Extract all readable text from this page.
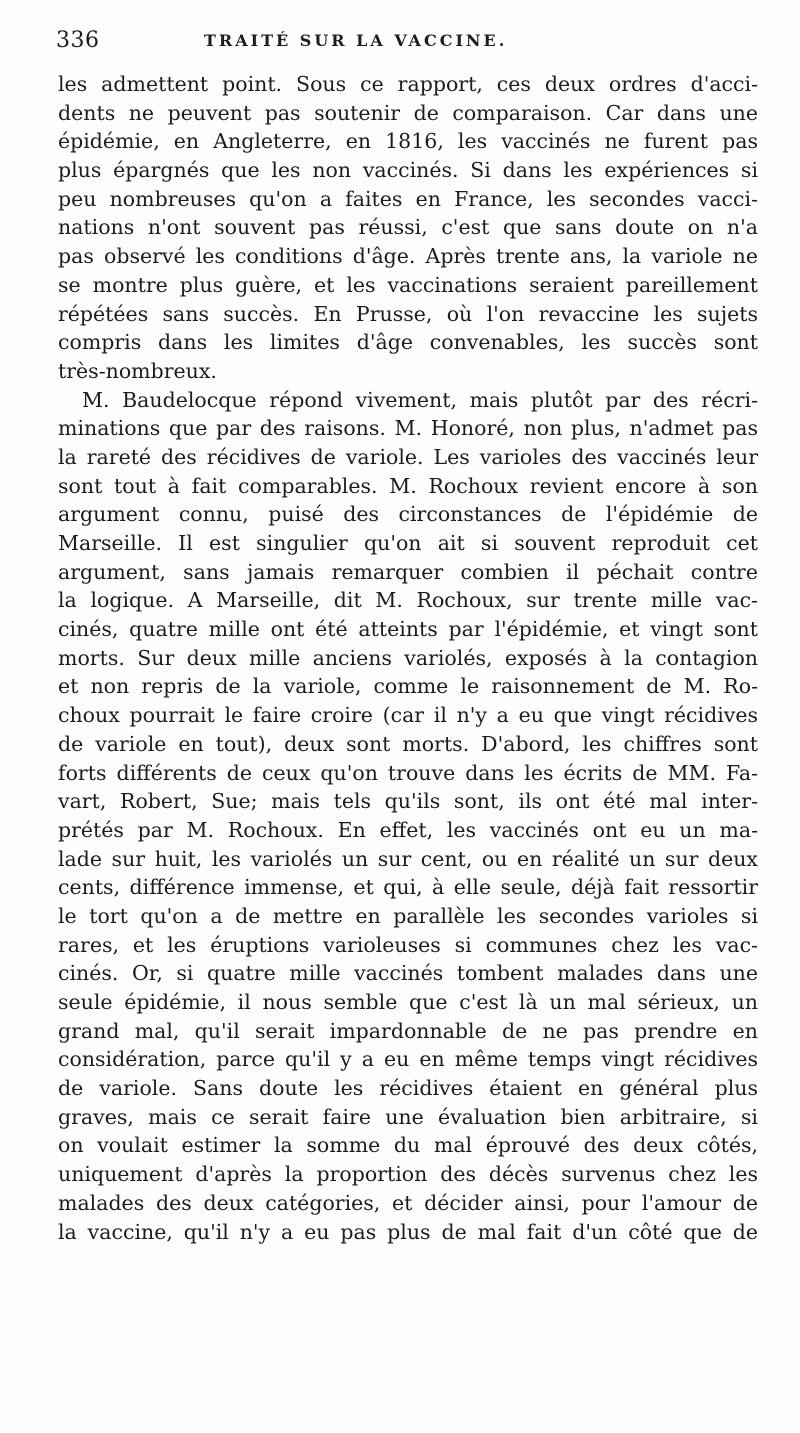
336	TRAITÉ SUR LA VACCINE.
les admettent point. Sous ce rapport, ces deux ordres d'acci-
dents ne peuvent pas soutenir de comparaison. Car dans une
épidémie, en Angleterre, en 1816, les vaccinés ne furent pas
plus épargnés que les non vaccinés. Si dans les expériences si
peu nombreuses qu'on a faites en France, les secondes vacci-
nations n'ont souvent pas réussi, c'est que sans doute on n'a
pas observé les conditions d'âge. Après trente ans, la variole ne
se montre plus guère, et les vaccinations seraient pareillement
répétées sans succès. En Prusse, où l'on revaccine les sujets
compris dans les limites d'âge convenables, les succès sont
très-nombreux.
M. Baudelocque répond vivement, mais plutôt par des récri-
minations que par des raisons. M. Honoré, non plus, n'admet pas
la rareté des récidives de variole. Les varioles des vaccinés leur
sont tout à fait comparables. M. Rochoux revient encore à son
argument connu, puisé des circonstances de l'épidémie de
Marseille. Il est singulier qu'on ait si souvent reproduit cet
argument, sans jamais remarquer combien il péchait contre
la logique. A Marseille, dit M. Rochoux, sur trente mille vac-
cinés, quatre mille ont été atteints par l'épidémie, et vingt sont
morts. Sur deux mille anciens variolés, exposés à la contagion
et non repris de la variole, comme le raisonnement de M. Ro-
choux pourrait le faire croire (car il n'y a eu que vingt récidives
de variole en tout), deux sont morts. D'abord, les chiffres sont
forts différents de ceux qu'on trouve dans les écrits de MM. Fa-
vart, Robert, Sue; mais tels qu'ils sont, ils ont été mal inter-
prétés par M. Rochoux. En effet, les vaccinés ont eu un ma-
lade sur huit, les variolés un sur cent, ou en réalité un sur deux
cents, différence immense, et qui, à elle seule, déjà fait ressortir
le tort qu'on a de mettre en parallèle les secondes varioles si
rares, et les éruptions varioleuses si communes chez les vac-
cinés. Or, si quatre mille vaccinés tombent malades dans une
seule épidémie, il nous semble que c'est là un mal sérieux, un
grand mal, qu'il serait impardonnable de ne pas prendre en
considération, parce qu'il y a eu en même temps vingt récidives
de variole. Sans doute les récidives étaient en général plus
graves, mais ce serait faire une évaluation bien arbitraire, si
on voulait estimer la somme du mal éprouvé des deux côtés,
uniquement d'après la proportion des décès survenus chez les
malades des deux catégories, et décider ainsi, pour l'amour de
la vaccine, qu'il n'y a eu pas plus de mal fait d'un côté que de
